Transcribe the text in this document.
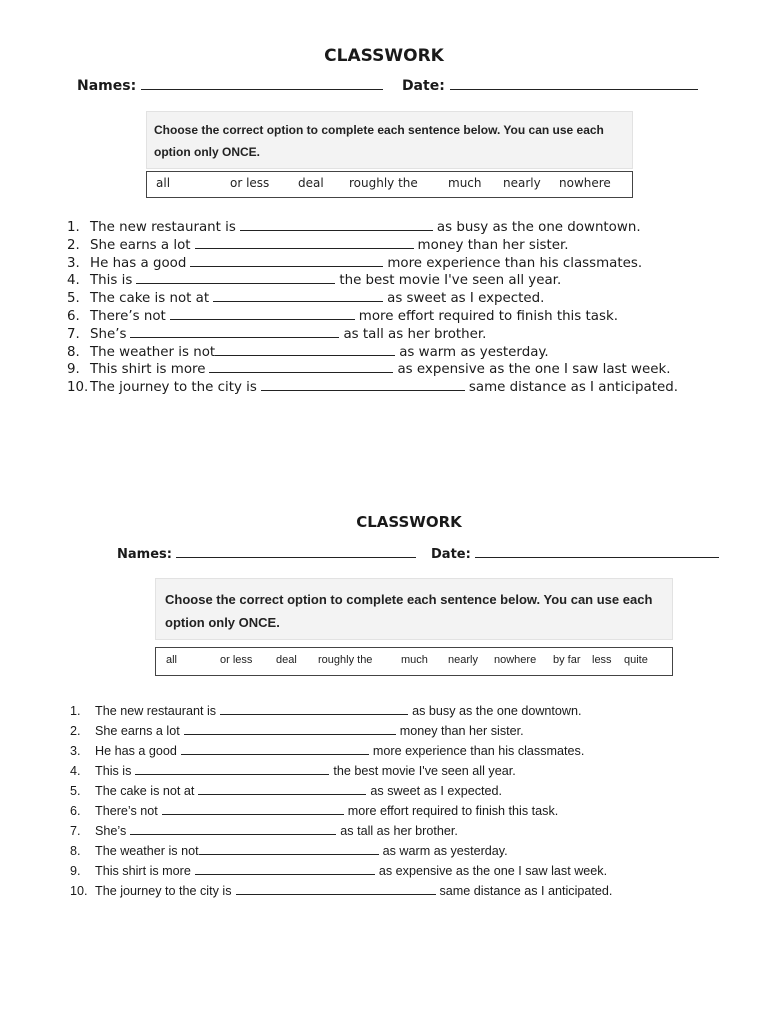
CLASSWORK
Names:	Date:
Choose the correct option to complete each sentence below. You can use each option only ONCE.
all	or less deal roughly the	much nearly nowhere
1. The new restaurant is	as busy as the one downtown.
2. She earns a lot	money than her sister.
3. He has a good	more experience than his classmates.
4. This is	the best movie I've seen all year.
5. The cake is not at	as sweet as I expected.
6. There’s not	more effort required to finish this task.
7. She’s	as tall as her brother.
8. The weather is not	as warm as yesterday.
9. This shirt is more	as expensive as the one I saw last week.
10. The journey to the city is	same distance as I anticipated.
CLASSWORK
Names:	Date:
Choose the correct option to complete each sentence below. You can use each option only ONCE.
all	or less deal roughly the	much nearly nowhere by far less quite
1. The new restaurant is	as busy as the one downtown.
2. She earns a lot	money than her sister.
3. He has a good	more experience than his classmates.
4. This is	the best movie I've seen all year.
5. The cake is not at	as sweet as I expected.
6. There’s not	more effort required to finish this task.
7. She’s	as tall as her brother.
8. The weather is not	as warm as yesterday.
9. This shirt is more	as expensive as the one I saw last week.
10. The journey to the city is	same distance as I anticipated.
